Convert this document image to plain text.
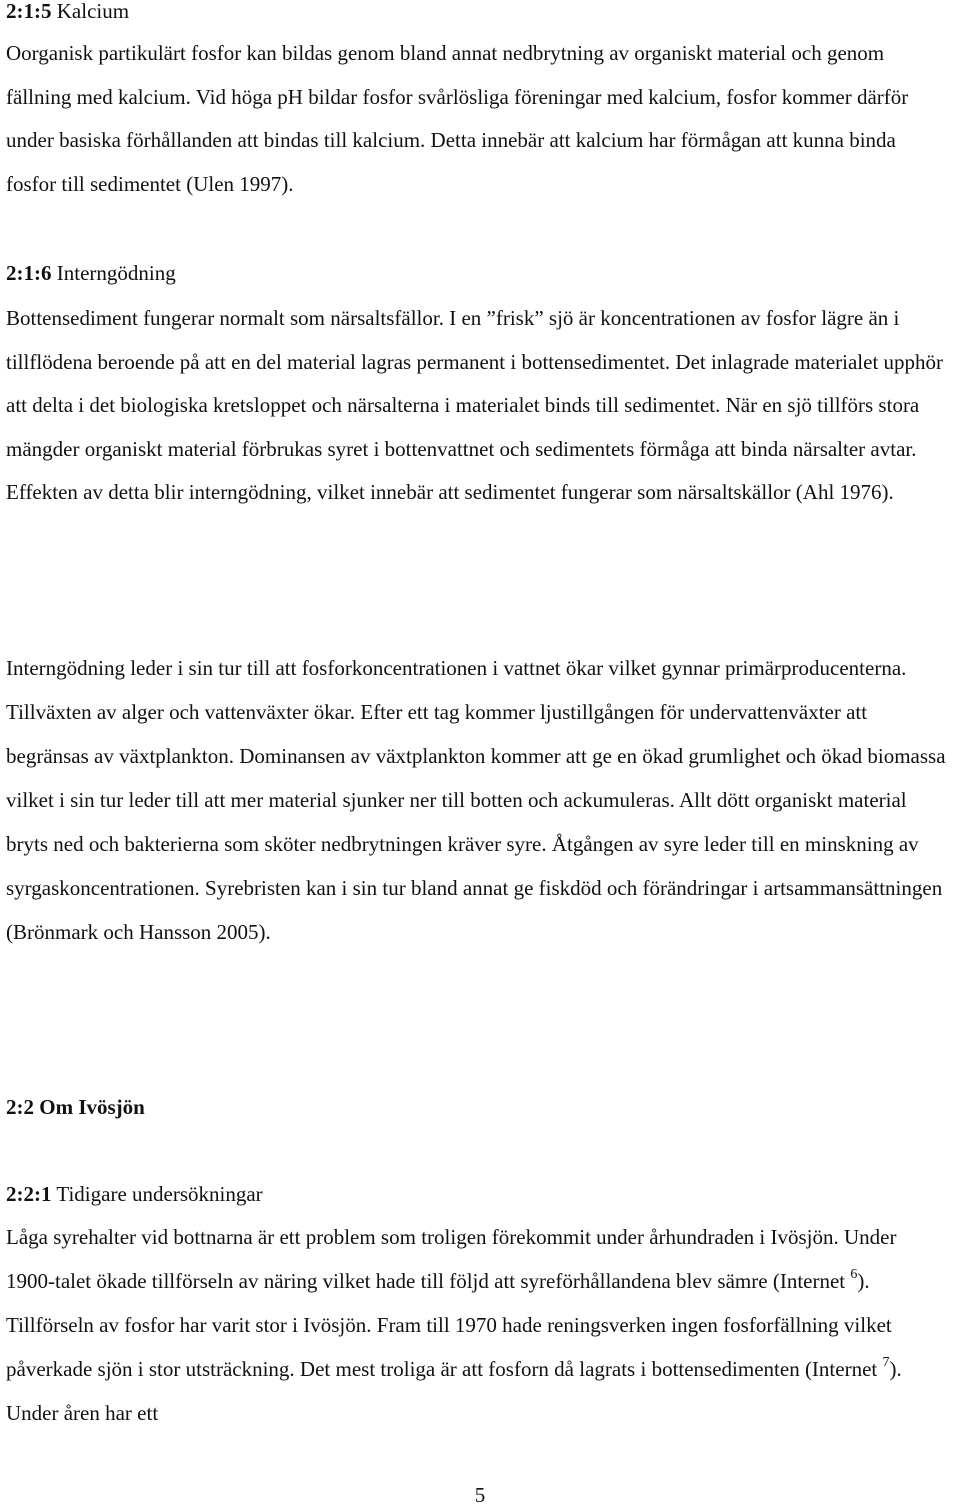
2:1:5 Kalcium

Oorganisk partikulärt fosfor kan bildas genom bland annat nedbrytning av organiskt material och genom fällning med kalcium. Vid höga pH bildar fosfor svårlösliga föreningar med kalcium, fosfor kommer därför under basiska förhållanden att bindas till kalcium. Detta innebär att kalcium har förmågan att kunna binda fosfor till sedimentet (Ulen 1997).

2:1:6 Interngödning

Bottensediment fungerar normalt som närsaltsfällor. I en ”frisk” sjö är koncentrationen av fosfor lägre än i tillflödena beroende på att en del material lagras permanent i bottensedimentet. Det inlagrade materialet upphör att delta i det biologiska kretsloppet och närsalterna i materialet binds till sedimentet. När en sjö tillförs stora mängder organiskt material förbrukas syret i bottenvattnet och sedimentets förmåga att binda närsalter avtar. Effekten av detta blir interngödning, vilket innebär att sedimentet fungerar som närsaltskällor (Ahl 1976).

Interngödning leder i sin tur till att fosforkoncentrationen i vattnet ökar vilket gynnar primärproducenterna. Tillväxten av alger och vattenväxter ökar. Efter ett tag kommer ljustillgången för undervattenväxter att begränsas av växtplankton. Dominansen av växtplankton kommer att ge en ökad grumlighet och ökad biomassa vilket i sin tur leder till att mer material sjunker ner till botten och ackumuleras. Allt dött organiskt material bryts ned och bakterierna som sköter nedbrytningen kräver syre. Åtgången av syre leder till en minskning av syrgaskoncentrationen. Syrebristen kan i sin tur bland annat ge fiskdöd och förändringar i artsammansättningen (Brönmark och Hansson 2005).

2:2 Om Ivösjön
2:2:1 Tidigare undersökningar

Låga syrehalter vid bottnarna är ett problem som troligen förekommit under århundraden i Ivösjön. Under 1900-talet ökade tillförseln av näring vilket hade till följd att syreförhållandena blev sämre (Internet $^6$). Tillförseln av fosfor har varit stor i Ivösjön. Fram till 1970 hade reningsverken ingen fosforfällning vilket påverkade sjön i stor utsträckning. Det mest troliga är att fosforn då lagrats i bottensedimenten (Internet $^7$). Under åren har ett

5
